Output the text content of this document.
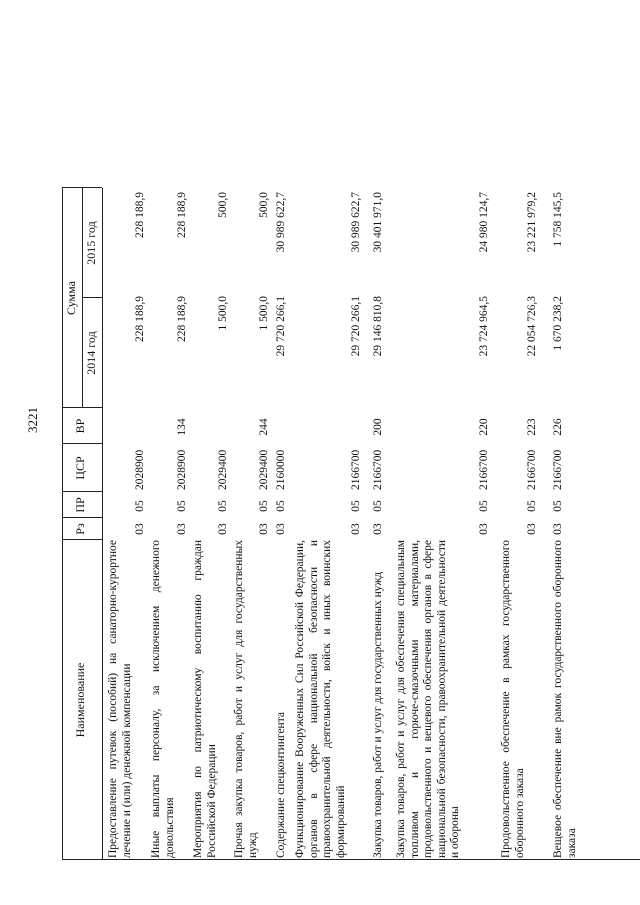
3221
Наименование
Рз
ПР
ЦСР
ВР
Сумма
2014 год
2015 год
Предоставление путевок (пособий) на санаторно-курортное лечение и (или) денежной компенсации
03
05
2028900
228 188,9
228 188,9
Иные выплаты персоналу, за исключением денежного довольствия
03
05
2028900
134
228 188,9
228 188,9
Мероприятия по патриотическому воспитанию граждан Российской Федерации
03
05
2029400
1 500,0
500,0
Прочая закупка товаров, работ и услуг для государственных нужд
03
05
2029400
244
1 500,0
500,0
Содержание спецконтингента
03
05
2160000
29 720 266,1
30 989 622,7
Функционирование Вооруженных Сил Российской Федерации, органов в сфере национальной безопасности и правоохранительной деятельности, войск и иных воинских формирований
03
05
2166700
29 720 266,1
30 989 622,7
Закупка товаров, работ и услуг для государственных нужд
03
05
2166700
200
29 146 810,8
30 401 971,0
Закупка товаров, работ и услуг для обеспечения специальным топливом и горюче-смазочными материалами, продовольственного и вещевого обеспечения органов в сфере национальной безопасности, правоохранительной деятельности и обороны
03
05
2166700
220
23 724 964,5
24 980 124,7
Продовольственное обеспечение в рамках государственного оборонного заказа
03
05
2166700
223
22 054 726,3
23 221 979,2
Вещевое обеспечение вне рамок государственного оборонного заказа
03
05
2166700
226
1 670 238,2
1 758 145,5
